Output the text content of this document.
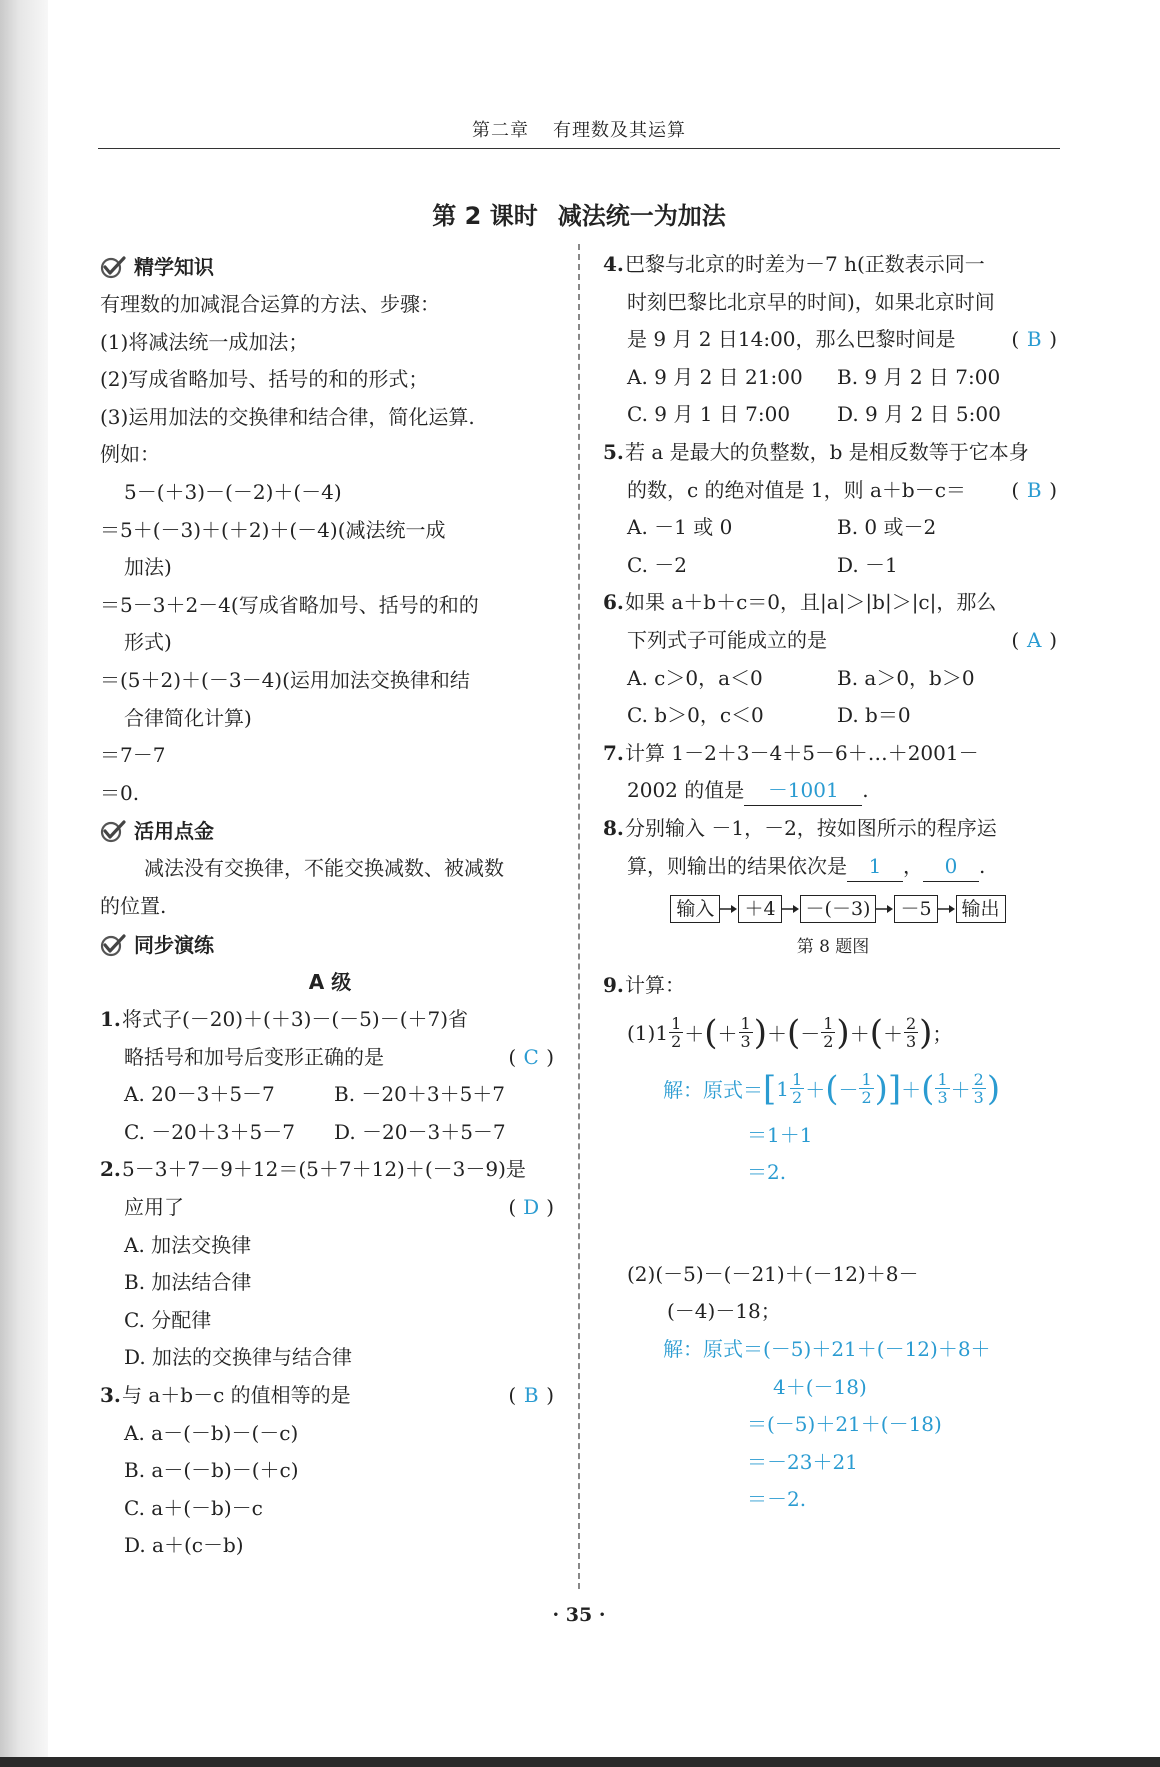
第二章 有理数及其运算
第 2 课时 减法统一为加法
精学知识
有理数的加减混合运算的方法、步骤：
(1)将减法统一成加法；
(2)写成省略加号、括号的和的形式；
(3)运用加法的交换律和结合律，简化运算.
例如：
5－(＋3)－(－2)＋(－4)
＝5＋(－3)＋(＋2)＋(－4)(减法统一成
加法)
＝5－3＋2－4(写成省略加号、括号的和的
形式)
＝(5＋2)＋(－3－4)(运用加法交换律和结
合律简化计算)
＝7－7
＝0.
活用点金
减法没有交换律，不能交换减数、被减数
的位置.
同步演练
A 级
1. 将式子(－20)＋(＋3)－(－5)－(＋7)省
略括号和加号后变形正确的是	( C )
A. 20－3＋5－7	B. －20＋3＋5＋7
C. －20＋3＋5－7	D. －20－3＋5－7
2. 5－3＋7－9＋12＝(5＋7＋12)＋(－3－9)是
应用了	( D )
A. 加法交换律
B. 加法结合律
C. 分配律
D. 加法的交换律与结合律
3. 与 a＋b－c 的值相等的是	( B )
A. a－(－b)－(－c)
B. a－(－b)－(＋c)
C. a＋(－b)－c
D. a＋(c－b)
4. 巴黎与北京的时差为－7 h(正数表示同一
时刻巴黎比北京早的时间)，如果北京时间
是 9 月 2 日14:00，那么巴黎时间是	( B )
A. 9 月 2 日 21:00	B. 9 月 2 日 7:00
C. 9 月 1 日 7:00	D. 9 月 2 日 5:00
5. 若 a 是最大的负整数，b 是相反数等于它本身
的数，c 的绝对值是 1，则 a＋b－c＝ ( B )
A. －1 或 0	B. 0 或－2
C. －2	D. －1
6. 如果 a＋b＋c＝0，且|a|＞|b|＞|c|，那么
下列式子可能成立的是	( A )
A. c＞0，a＜0	B. a＞0，b＞0
C. b＞0，c＜0	D. b＝0
7. 计算 1－2＋3－4＋5－6＋…＋2001－
2002 的值是 －1001 .
8. 分别输入 －1，－2，按如图所示的程序运
算，则输出的结果依次是 1 ， 0 .
输入	＋4	－(－3)	－5	输出
第 8 题图
9. 计算：
$(1)1 \frac{1}{2}$ ＋ ( ＋ $\frac{1}{3}$ ) ＋ ( － $\frac{1}{2}$ ) ＋ ( ＋ $\frac{2}{3}$ ) ；
解：原式＝ [ $1 \frac{1}{2}$ ＋ ( － $\frac{1}{2}$ ) ] ＋ ( $\frac{1}{3} + \frac{2}{3}$ )
＝1＋1
＝2.
(2)(－5)－(－21)＋(－12)＋8－
(－4)－18；
解：原式＝(－5)＋21＋(－12)＋8＋
4＋(－18)
＝(－5)＋21＋(－18)
＝－23＋21
＝－2.
· 35 ·
